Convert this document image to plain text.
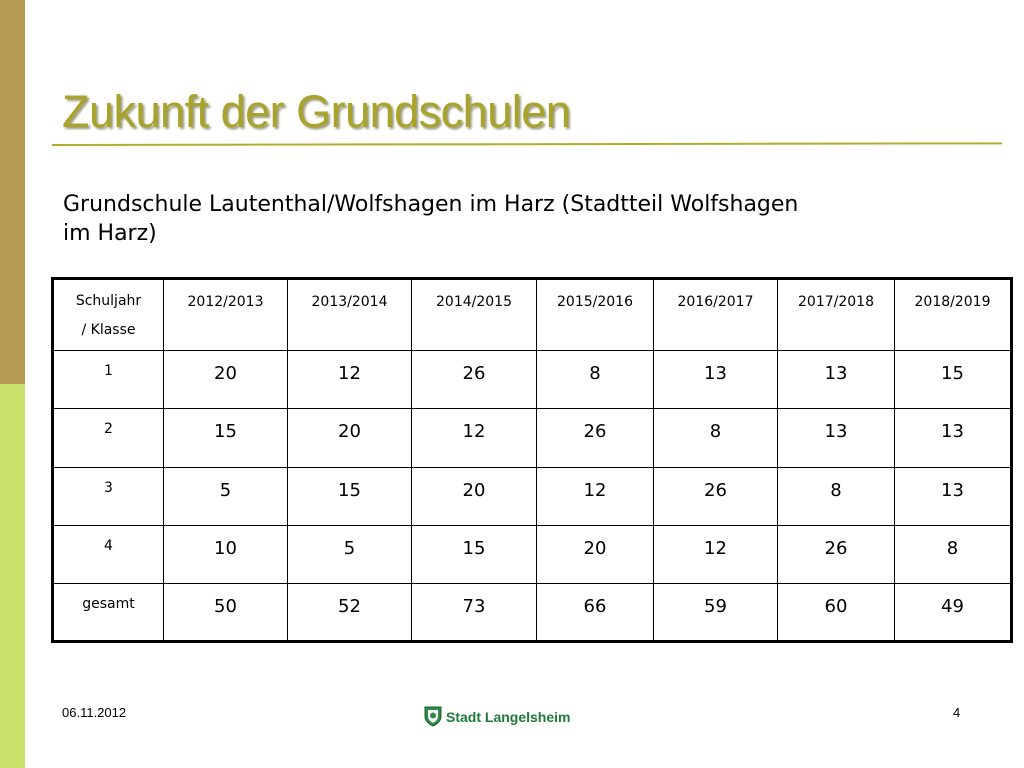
Zukunft der Grundschulen

Grundschule Lautenthal/Wolfshagen im Harz (Stadtteil Wolfshagen im Harz)

Schuljahr
/ Klasse	2012/2013	2013/2014	2014/2015	2015/2016	2016/2017	2017/2018	2018/2019
1	20	12	26	8	13	13	15
2	15	20	12	26	8	13	13
3	5	15	20	12	26	8	13
4	10	5	15	20	12	26	8
gesamt	50	52	73	66	59	60	49
06.11.2012	Stadt Langelsheim	4
